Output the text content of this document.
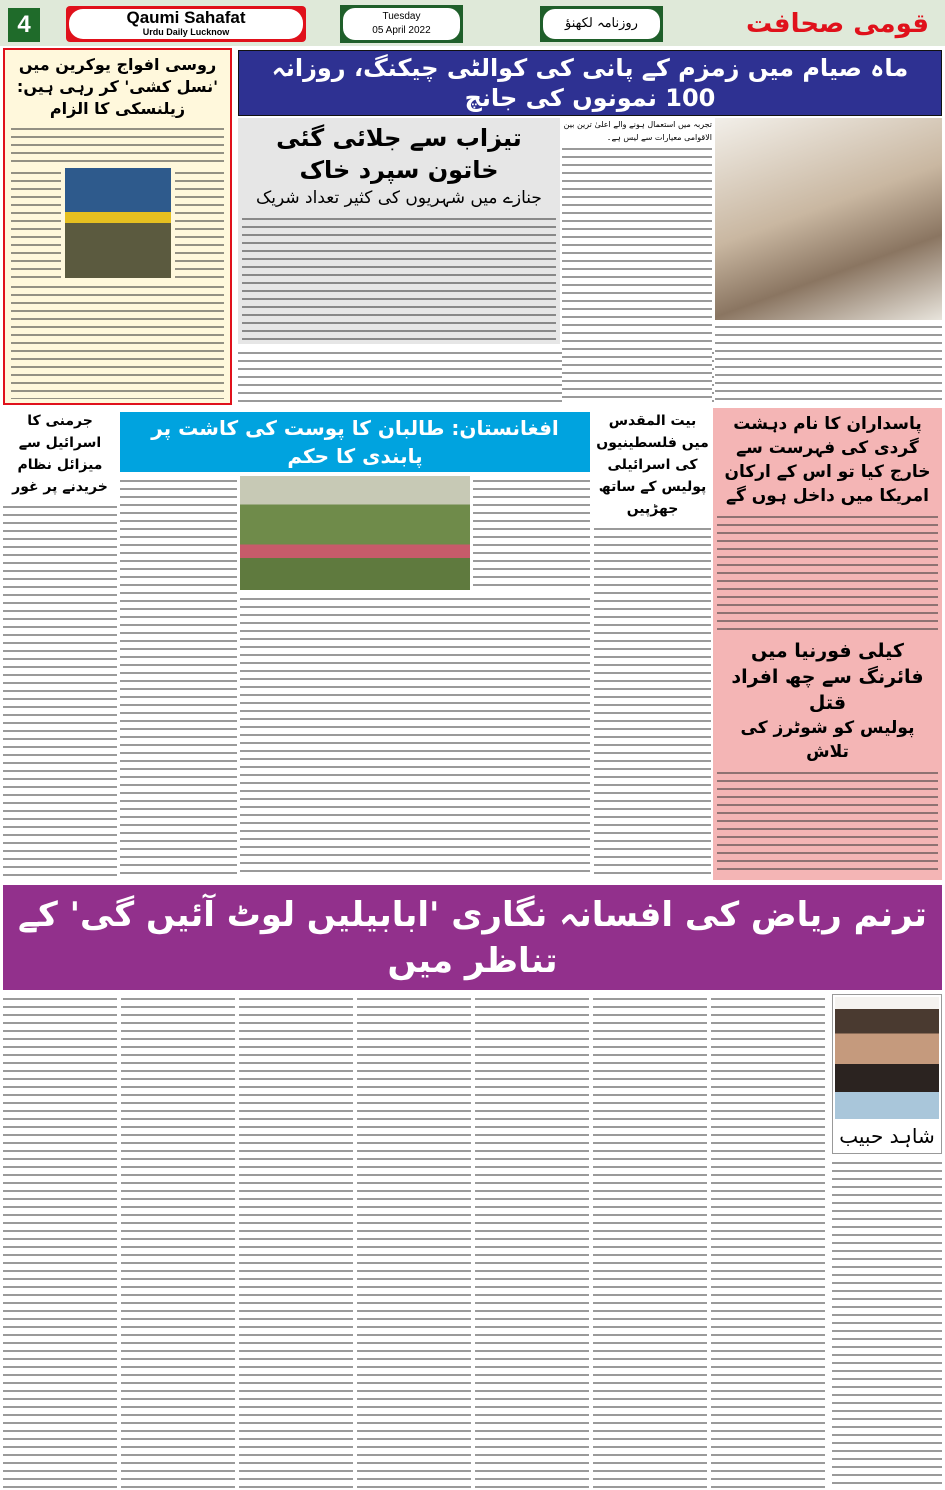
4	Qaumi Sahafat
Urdu Daily Lucknow
Tuesday
05 April 2022	روزنامہ لکھنؤ	قومی صحافت
روسی افواج یوکرین میں 'نسل کشی' کر رہی ہیں: زیلنسکی کا الزام
ماہ صیام میں زمزم کے پانی کی کوالٹی چیکنگ، روزانہ 100 نمونوں کی جانچ
تیزاب سے جلائی گئی خاتون سپرد خاک
جنازے میں شہریوں کی کثیر تعداد شریک
تجربہ میں استعمال ہونے والے اعلیٰ ترین بین الاقوامی معیارات سے لیس ہے۔
جرمنی کا اسرائیل سے میزائل نظام خریدنے پر غور
افغانستان: طالبان کا پوست کی کاشت پر پابندی کا حکم
بیت المقدس میں فلسطینیوں کی اسرائیلی پولیس کے ساتھ جھڑپیں
پاسداران کا نام دہشت گردی کی فہرست سے خارج کیا تو اس کے ارکان امریکا میں داخل ہوں گے
کیلی فورنیا میں فائرنگ سے چھ افراد قتل
پولیس کو شوٹرز کی تلاش
ترنم ریاض کی افسانہ نگاری 'ابابیلیں لوٹ آئیں گی' کے تناظر میں
شاہد حبیب
